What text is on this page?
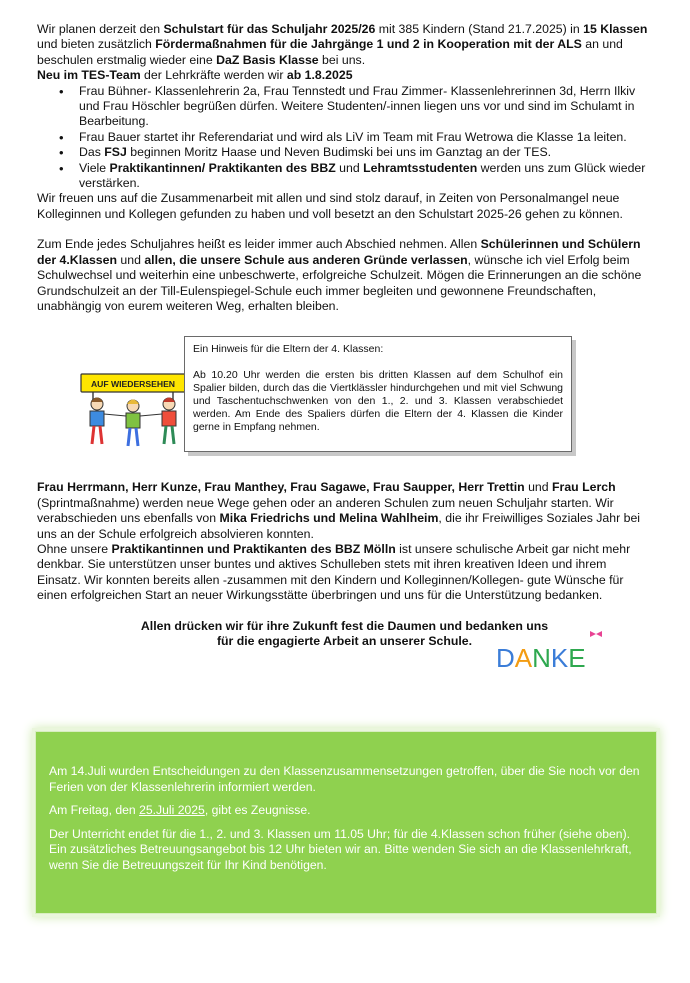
Wir planen derzeit den Schulstart für das Schuljahr 2025/26 mit 385 Kindern (Stand 21.7.2025) in 15 Klassen und bieten zusätzlich Fördermaßnahmen für die Jahrgänge 1 und 2 in Kooperation mit der ALS an und beschulen erstmalig wieder eine DaZ Basis Klasse bei uns.

Neu im TES-Team der Lehrkräfte werden wir ab 1.8.2025

• Frau Bühner- Klassenlehrerin 2a, Frau Tennstedt und Frau Zimmer- Klassenlehrerinnen 3d, Herrn Ilkiv und Frau Höschler begrüßen dürfen. Weitere Studenten/-innen liegen uns vor und sind im Schulamt in Bearbeitung.
• Frau Bauer startet ihr Referendariat und wird als LiV im Team mit Frau Wetrowa die Klasse 1a leiten.
• Das FSJ beginnen Moritz Haase und Neven Budimski bei uns im Ganztag an der TES.
• Viele Praktikantinnen/ Praktikanten des BBZ und Lehramtsstudenten werden uns zum Glück wieder verstärken.

Wir freuen uns auf die Zusammenarbeit mit allen und sind stolz darauf, in Zeiten von Personalmangel neue Kolleginnen und Kollegen gefunden zu haben und voll besetzt an den Schulstart 2025-26 gehen zu können.

Zum Ende jedes Schuljahres heißt es leider immer auch Abschied nehmen. Allen Schülerinnen und Schülern der 4.Klassen und allen, die unsere Schule aus anderen Gründe verlassen, wünsche ich viel Erfolg beim Schulwechsel und weiterhin eine unbeschwerte, erfolgreiche Schulzeit. Mögen die Erinnerungen an die schöne Grundschulzeit an der Till-Eulenspiegel-Schule euch immer begleiten und gewonnene Freundschaften, unabhängig von eurem weiteren Weg, erhalten bleiben.

AUF WIEDERSEHEN

Ein Hinweis für die Eltern der 4. Klassen:

Ab 10.20 Uhr werden die ersten bis dritten Klassen auf dem Schulhof ein Spalier bilden, durch das die Viertklässler hindurchgehen und mit viel Schwung und Taschentuchschwenken von den 1., 2. und 3. Klassen verabschiedet werden. Am Ende des Spaliers dürfen die Eltern der 4. Klassen die Kinder gerne in Empfang nehmen.

Frau Herrmann, Herr Kunze, Frau Manthey, Frau Sagawe, Frau Saupper, Herr Trettin und Frau Lerch (Sprintmaßnahme) werden neue Wege gehen oder an anderen Schulen zum neuen Schuljahr starten. Wir verabschieden uns ebenfalls von Mika Friedrichs und Melina Wahlheim, die ihr Freiwilliges Soziales Jahr bei uns an der Schule erfolgreich absolvieren konnten.

Ohne unsere Praktikantinnen und Praktikanten des BBZ Mölln ist unsere schulische Arbeit gar nicht mehr denkbar. Sie unterstützen unser buntes und aktives Schulleben stets mit ihren kreativen Ideen und ihrem Einsatz. Wir konnten bereits allen -zusammen mit den Kindern und Kolleginnen/Kollegen- gute Wünsche für einen erfolgreichen Start an neuer Wirkungsstätte überbringen und uns für die Unterstützung bedanken.

Allen drücken wir für ihre Zukunft fest die Daumen und bedanken uns
für die engagierte Arbeit an unserer Schule.
DANKE

Am 14.Juli wurden Entscheidungen zu den Klassenzusammensetzungen getroffen, über die Sie noch vor den Ferien von der Klassenlehrerin informiert werden.

Am Freitag, den 25.Juli 2025, gibt es Zeugnisse.

Der Unterricht endet für die 1., 2. und 3. Klassen um 11.05 Uhr; für die 4.Klassen schon früher (siehe oben). Ein zusätzliches Betreuungsangebot bis 12 Uhr bieten wir an. Bitte wenden Sie sich an die Klassenlehrkraft, wenn Sie die Betreuungszeit für Ihr Kind benötigen.
